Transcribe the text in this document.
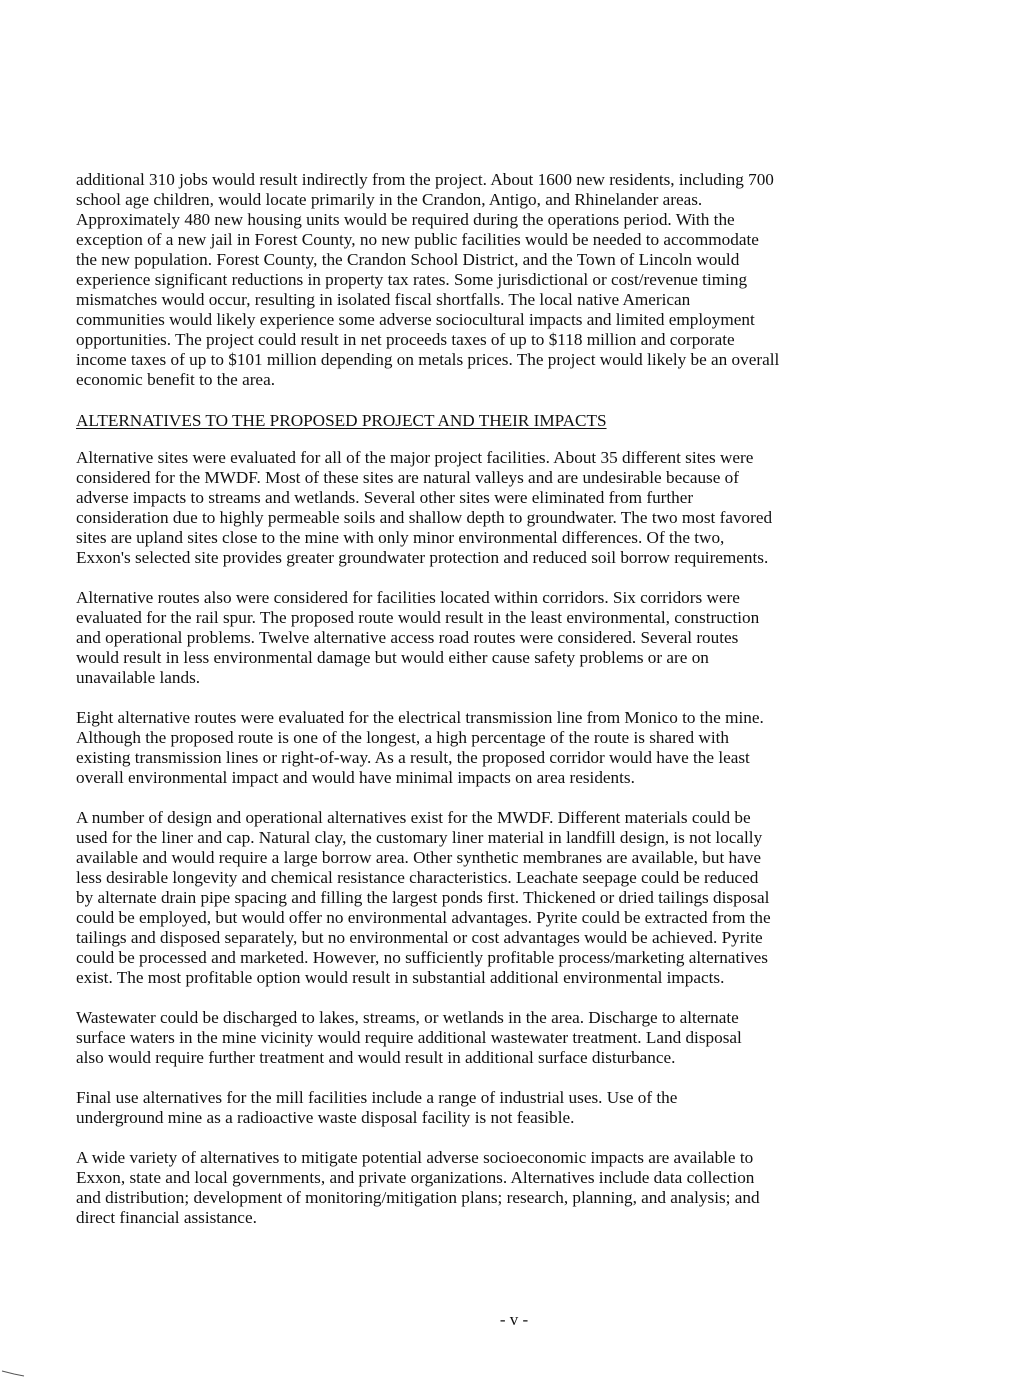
additional 310 jobs would result indirectly from the project. About 1600 new residents, including 700
school age children, would locate primarily in the Crandon, Antigo, and Rhinelander areas.
Approximately 480 new housing units would be required during the operations period. With the
exception of a new jail in Forest County, no new public facilities would be needed to accommodate
the new population. Forest County, the Crandon School District, and the Town of Lincoln would
experience significant reductions in property tax rates. Some jurisdictional or cost/revenue timing
mismatches would occur, resulting in isolated fiscal shortfalls. The local native American
communities would likely experience some adverse sociocultural impacts and limited employment
opportunities. The project could result in net proceeds taxes of up to $118 million and corporate
income taxes of up to $101 million depending on metals prices. The project would likely be an overall
economic benefit to the area.

ALTERNATIVES TO THE PROPOSED PROJECT AND THEIR IMPACTS

Alternative sites were evaluated for all of the major project facilities. About 35 different sites were
considered for the MWDF. Most of these sites are natural valleys and are undesirable because of
adverse impacts to streams and wetlands. Several other sites were eliminated from further
consideration due to highly permeable soils and shallow depth to groundwater. The two most favored
sites are upland sites close to the mine with only minor environmental differences. Of the two,
Exxon's selected site provides greater groundwater protection and reduced soil borrow requirements.

Alternative routes also were considered for facilities located within corridors. Six corridors were
evaluated for the rail spur. The proposed route would result in the least environmental, construction
and operational problems. Twelve alternative access road routes were considered. Several routes
would result in less environmental damage but would either cause safety problems or are on
unavailable lands.

Eight alternative routes were evaluated for the electrical transmission line from Monico to the mine.
Although the proposed route is one of the longest, a high percentage of the route is shared with
existing transmission lines or right-of-way. As a result, the proposed corridor would have the least
overall environmental impact and would have minimal impacts on area residents.

A number of design and operational alternatives exist for the MWDF. Different materials could be
used for the liner and cap. Natural clay, the customary liner material in landfill design, is not locally
available and would require a large borrow area. Other synthetic membranes are available, but have
less desirable longevity and chemical resistance characteristics. Leachate seepage could be reduced
by alternate drain pipe spacing and filling the largest ponds first. Thickened or dried tailings disposal
could be employed, but would offer no environmental advantages. Pyrite could be extracted from the
tailings and disposed separately, but no environmental or cost advantages would be achieved. Pyrite
could be processed and marketed. However, no sufficiently profitable process/marketing alternatives
exist. The most profitable option would result in substantial additional environmental impacts.

Wastewater could be discharged to lakes, streams, or wetlands in the area. Discharge to alternate
surface waters in the mine vicinity would require additional wastewater treatment. Land disposal
also would require further treatment and would result in additional surface disturbance.

Final use alternatives for the mill facilities include a range of industrial uses. Use of the
underground mine as a radioactive waste disposal facility is not feasible.

A wide variety of alternatives to mitigate potential adverse socioeconomic impacts are available to
Exxon, state and local governments, and private organizations. Alternatives include data collection
and distribution; development of monitoring/mitigation plans; research, planning, and analysis; and
direct financial assistance.

- v -
